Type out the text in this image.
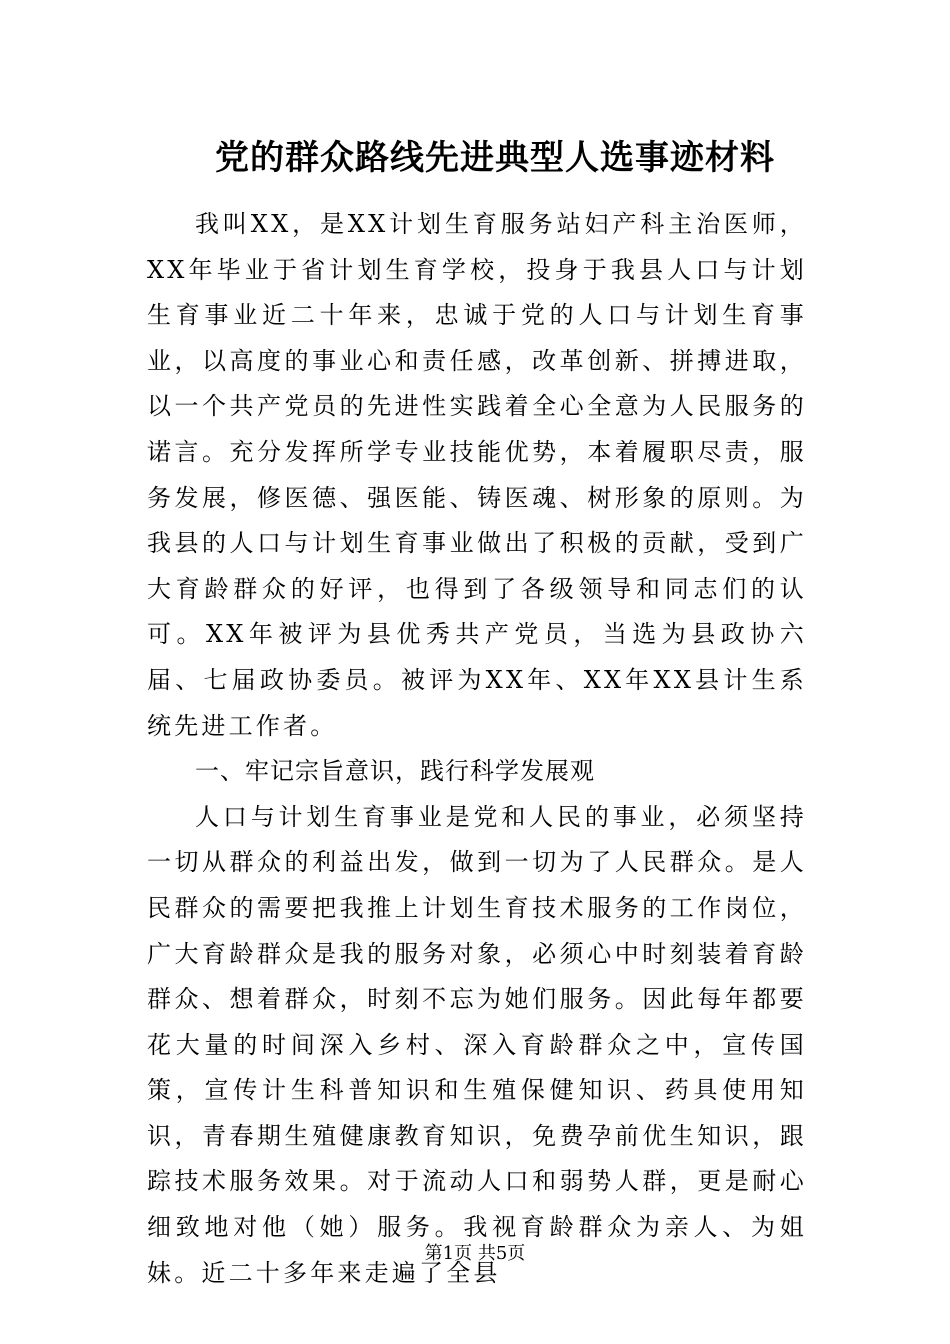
党的群众路线先进典型人选事迹材料

我叫XX，是XX计划生育服务站妇产科主治医师，XX年毕业于省计划生育学校，投身于我县人口与计划生育事业近二十年来，忠诚于党的人口与计划生育事业，以高度的事业心和责任感，改革创新、拼搏进取，以一个共产党员的先进性实践着全心全意为人民服务的诺言。充分发挥所学专业技能优势，本着履职尽责，服务发展，修医德、强医能、铸医魂、树形象的原则。为我县的人口与计划生育事业做出了积极的贡献，受到广大育龄群众的好评，也得到了各级领导和同志们的认可。XX年被评为县优秀共产党员，当选为县政协六届、七届政协委员。被评为XX年、XX年XX县计生系统先进工作者。

一、牢记宗旨意识，践行科学发展观

人口与计划生育事业是党和人民的事业，必须坚持一切从群众的利益出发，做到一切为了人民群众。是人民群众的需要把我推上计划生育技术服务的工作岗位，广大育龄群众是我的服务对象，必须心中时刻装着育龄群众、想着群众，时刻不忘为她们服务。因此每年都要花大量的时间深入乡村、深入育龄群众之中，宣传国策，宣传计生科普知识和生殖保健知识、药具使用知识，青春期生殖健康教育知识，免费孕前优生知识，跟踪技术服务效果。对于流动人口和弱势人群，更是耐心细致地对他（她）服务。我视育龄群众为亲人、为姐妹。近二十多年来走遍了全县

第1页 共5页
